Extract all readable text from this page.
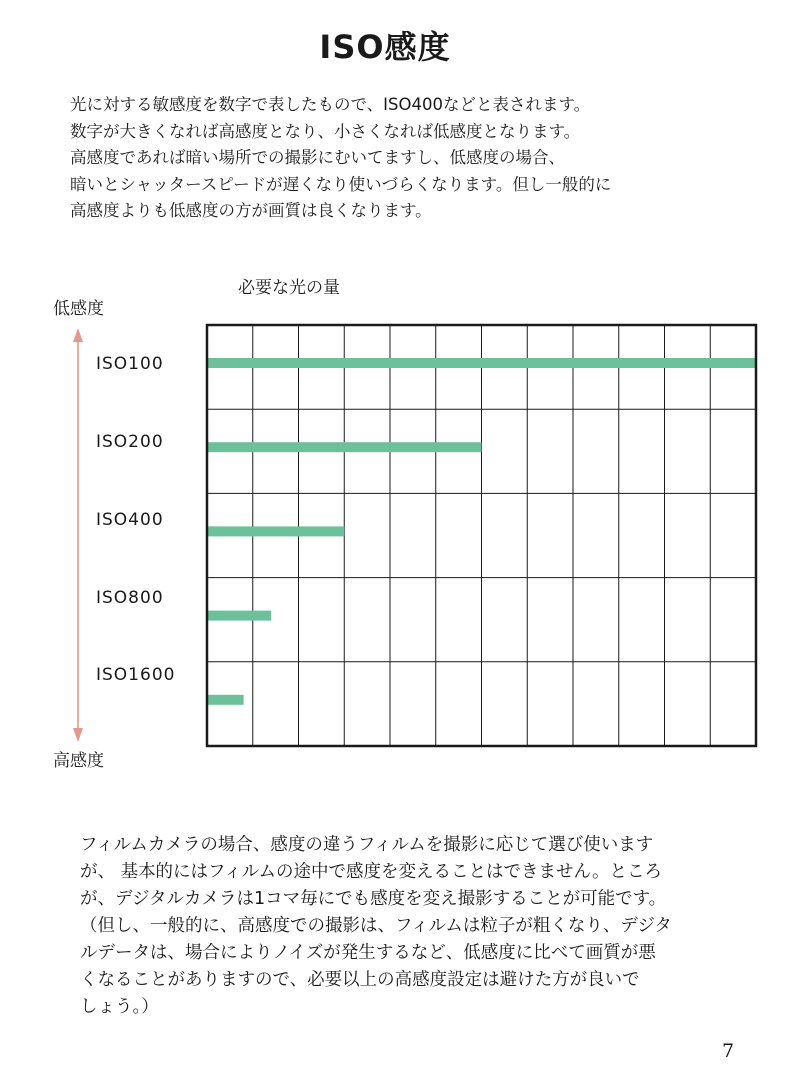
ISO感度
光に対する敏感度を数字で表したもので、ISO400などと表されます。
数字が大きくなれば高感度となり、小さくなれば低感度となります。
高感度であれば暗い場所での撮影にむいてますし、低感度の場合、
暗いとシャッタースピードが遅くなり使いづらくなります。但し一般的に
高感度よりも低感度の方が画質は良くなります。
必要な光の量
低感度
高感度
ISO100
ISO200
ISO400
ISO800
ISO1600
フィルムカメラの場合、感度の違うフィルムを撮影に応じて選び使います
が、 基本的にはフィルムの途中で感度を変えることはできません。ところ
が、デジタルカメラは1コマ毎にでも感度を変え撮影することが可能です。
（但し、一般的に、高感度での撮影は、フィルムは粒子が粗くなり、デジタ
ルデータは、場合によりノイズが発生するなど、低感度に比べて画質が悪
くなることがありますので、必要以上の高感度設定は避けた方が良いで
しょう。）
7
